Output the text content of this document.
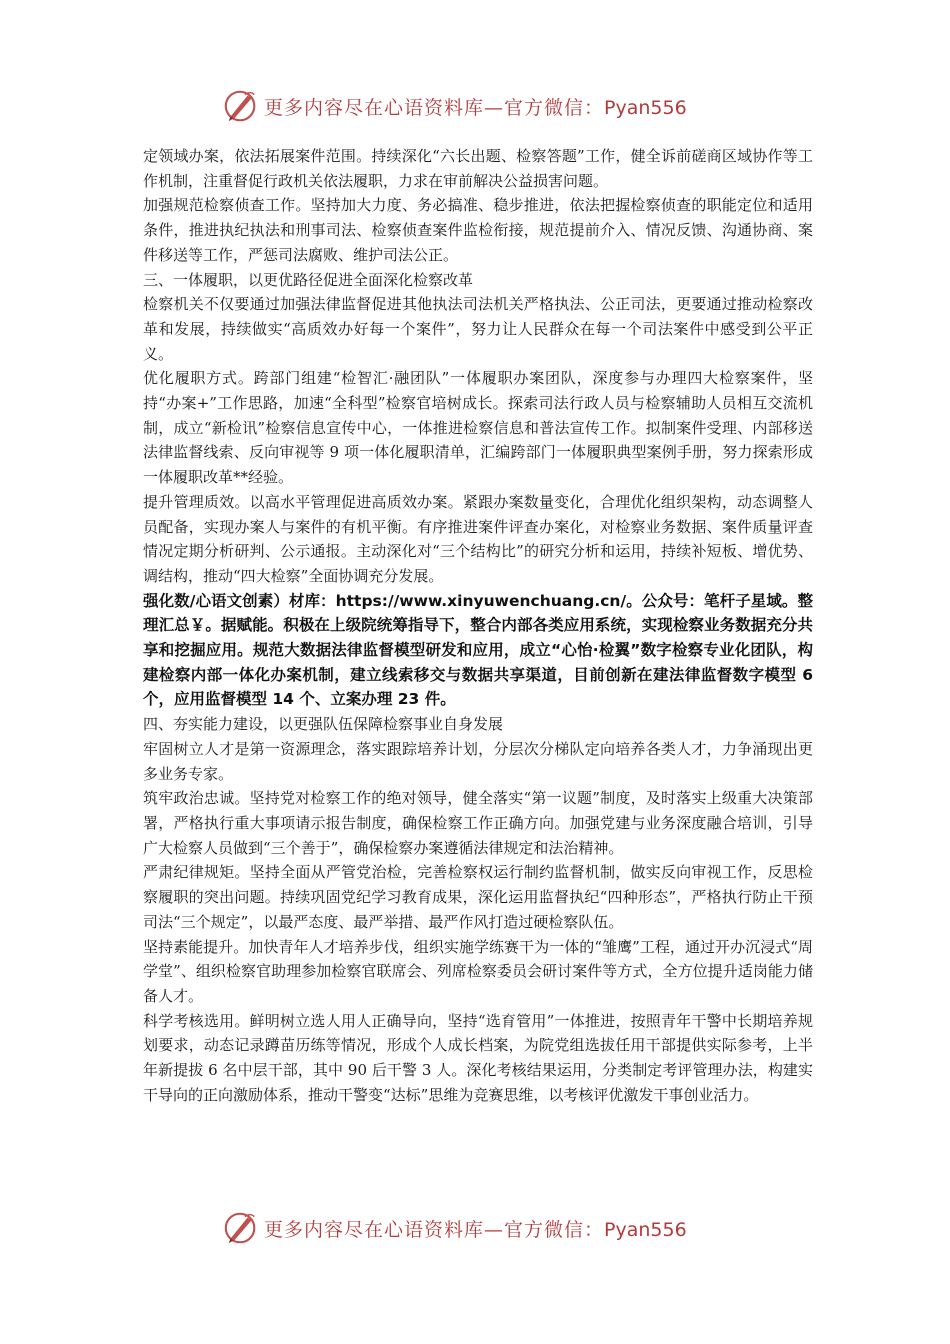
更多内容尽在心语资料库—官方微信：Pyan556

定领域办案，依法拓展案件范围。持续深化“六长出题、检察答题”工作，健全诉前磋商区域协作等工作机制，注重督促行政机关依法履职，力求在审前解决公益损害问题。

加强规范检察侦查工作。坚持加大力度、务必搞准、稳步推进，依法把握检察侦查的职能定位和适用条件，推进执纪执法和刑事司法、检察侦查案件监检衔接，规范提前介入、情况反馈、沟通协商、案件移送等工作，严惩司法腐败、维护司法公正。

三、一体履职，以更优路径促进全面深化检察改革

检察机关不仅要通过加强法律监督促进其他执法司法机关严格执法、公正司法，更要通过推动检察改革和发展，持续做实“高质效办好每一个案件”，努力让人民群众在每一个司法案件中感受到公平正义。

优化履职方式。跨部门组建“检智汇·融团队”一体履职办案团队，深度参与办理四大检察案件，坚持“办案+”工作思路，加速“全科型”检察官培树成长。探索司法行政人员与检察辅助人员相互交流机制，成立“新检讯”检察信息宣传中心，一体推进检察信息和普法宣传工作。拟制案件受理、内部移送法律监督线索、反向审视等 9 项一体化履职清单，汇编跨部门一体履职典型案例手册，努力探索形成一体履职改革**经验。

提升管理质效。以高水平管理促进高质效办案。紧跟办案数量变化，合理优化组织架构，动态调整人员配备，实现办案人与案件的有机平衡。有序推进案件评查办案化，对检察业务数据、案件质量评查情况定期分析研判、公示通报。主动深化对“三个结构比”的研究分析和运用，持续补短板、增优势、调结构，推动“四大检察”全面协调充分发展。

强化数/心语文创素）材库：https://www.xinyuwenchuang.cn/。公众号：笔杆子星域。整理汇总￥。据赋能。积极在上级院统筹指导下，整合内部各类应用系统，实现检察业务数据充分共享和挖掘应用。规范大数据法律监督模型研发和应用，成立“心怡·检翼”数字检察专业化团队，构建检察内部一体化办案机制，建立线索移交与数据共享渠道，目前创新在建法律监督数字模型 6 个，应用监督模型 14 个、立案办理 23 件。

四、夯实能力建设，以更强队伍保障检察事业自身发展

牢固树立人才是第一资源理念，落实跟踪培养计划，分层次分梯队定向培养各类人才，力争涌现出更多业务专家。

筑牢政治忠诚。坚持党对检察工作的绝对领导，健全落实“第一议题”制度，及时落实上级重大决策部署，严格执行重大事项请示报告制度，确保检察工作正确方向。加强党建与业务深度融合培训，引导广大检察人员做到“三个善于”，确保检察办案遵循法律规定和法治精神。

严肃纪律规矩。坚持全面从严管党治检，完善检察权运行制约监督机制，做实反向审视工作，反思检察履职的突出问题。持续巩固党纪学习教育成果，深化运用监督执纪“四种形态”，严格执行防止干预司法“三个规定”，以最严态度、最严举措、最严作风打造过硬检察队伍。

坚持素能提升。加快青年人才培养步伐，组织实施学练赛干为一体的“雏鹰”工程，通过开办沉浸式“周学堂”、组织检察官助理参加检察官联席会、列席检察委员会研讨案件等方式，全方位提升适岗能力储备人才。

科学考核选用。鲜明树立选人用人正确导向，坚持“选育管用”一体推进，按照青年干警中长期培养规划要求，动态记录蹲苗历练等情况，形成个人成长档案，为院党组选拔任用干部提供实际参考，上半年新提拔 6 名中层干部，其中 90 后干警 3 人。深化考核结果运用，分类制定考评管理办法，构建实干导向的正向激励体系，推动干警变“达标”思维为竞赛思维，以考核评优激发干事创业活力。

更多内容尽在心语资料库—官方微信：Pyan556
